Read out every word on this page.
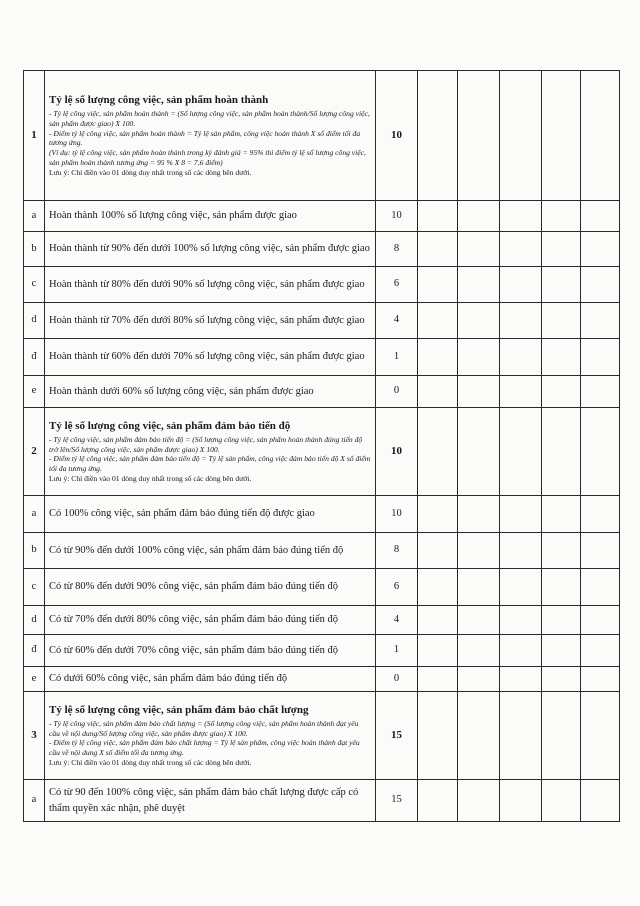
1	Tỷ lệ số lượng công việc, sản phẩm hoàn thành
- Tỷ lệ công việc, sản phẩm hoàn thành = (Số lượng công việc, sản phẩm hoàn thành/Số lượng công việc, sản phẩm được giao) X 100.
- Điểm tỷ lệ công việc, sản phẩm hoàn thành = Tỷ lệ sản phẩm, công việc hoàn thành X số điểm tối đa tương ứng.
(Ví dụ: tỷ lệ công việc, sản phẩm hoàn thành trong kỳ đánh giá = 95% thì điểm tỷ lệ số lượng công việc, sản phẩm hoàn thành tương ứng = 95 % X 8 = 7,6 điểm)
Lưu ý: Chỉ điền vào 01 dòng duy nhất trong số các dòng bên dưới.	10					
a	Hoàn thành 100% số lượng công việc, sản phẩm được giao	10					
b	Hoàn thành từ 90% đến dưới 100% số lượng công việc, sản phẩm được giao	8					
c	Hoàn thành từ 80% đến dưới 90% số lượng công việc, sản phẩm được giao	6					
d	Hoàn thành từ 70% đến dưới 80% số lượng công việc, sản phẩm được giao	4					
đ	Hoàn thành từ 60% đến dưới 70% số lượng công việc, sản phẩm được giao	1					
e	Hoàn thành dưới 60% số lượng công việc, sản phẩm được giao	0					
2	Tỷ lệ số lượng công việc, sản phẩm đảm bảo tiến độ
- Tỷ lệ công việc, sản phẩm đảm bảo tiến độ = (Số lượng công việc, sản phẩm hoàn thành đúng tiến độ trở lên/Số lượng công việc, sản phẩm được giao) X 100.
- Điểm tỷ lệ công việc, sản phẩm đảm bảo tiến độ = Tỷ lệ sản phẩm, công việc đảm bảo tiến độ X số điểm tối đa tương ứng.
Lưu ý: Chỉ điền vào 01 dòng duy nhất trong số các dòng bên dưới.	10					
a	Có 100% công việc, sản phẩm đảm bảo đúng tiến độ được giao	10					
b	Có từ 90% đến dưới 100% công việc, sản phẩm đảm bảo đúng tiến độ	8					
c	Có từ 80% đến dưới 90% công việc, sản phẩm đảm bảo đúng tiến độ	6					
d	Có từ 70% đến dưới 80% công việc, sản phẩm đảm bảo đúng tiến độ	4					
đ	Có từ 60% đến dưới 70% công việc, sản phẩm đảm bảo đúng tiến độ	1					
e	Có dưới 60% công việc, sản phẩm đảm bảo đúng tiến độ	0					
3	Tỷ lệ số lượng công việc, sản phẩm đảm bảo chất lượng
- Tỷ lệ công việc, sản phẩm đảm bảo chất lượng = (Số lượng công việc, sản phẩm hoàn thành đạt yêu cầu về nội dung/Số lượng công việc, sản phẩm được giao) X 100.
- Điểm tỷ lệ công việc, sản phẩm đảm bảo chất lượng = Tỷ lệ sản phẩm, công việc hoàn thành đạt yêu cầu về nội dung X số điểm tối đa tương ứng.
Lưu ý: Chỉ điền vào 01 dòng duy nhất trong số các dòng bên dưới.	15					
a	Có từ 90 đến 100% công việc, sản phẩm đảm bảo chất lượng được cấp có thẩm quyền xác nhận, phê duyệt	15					
